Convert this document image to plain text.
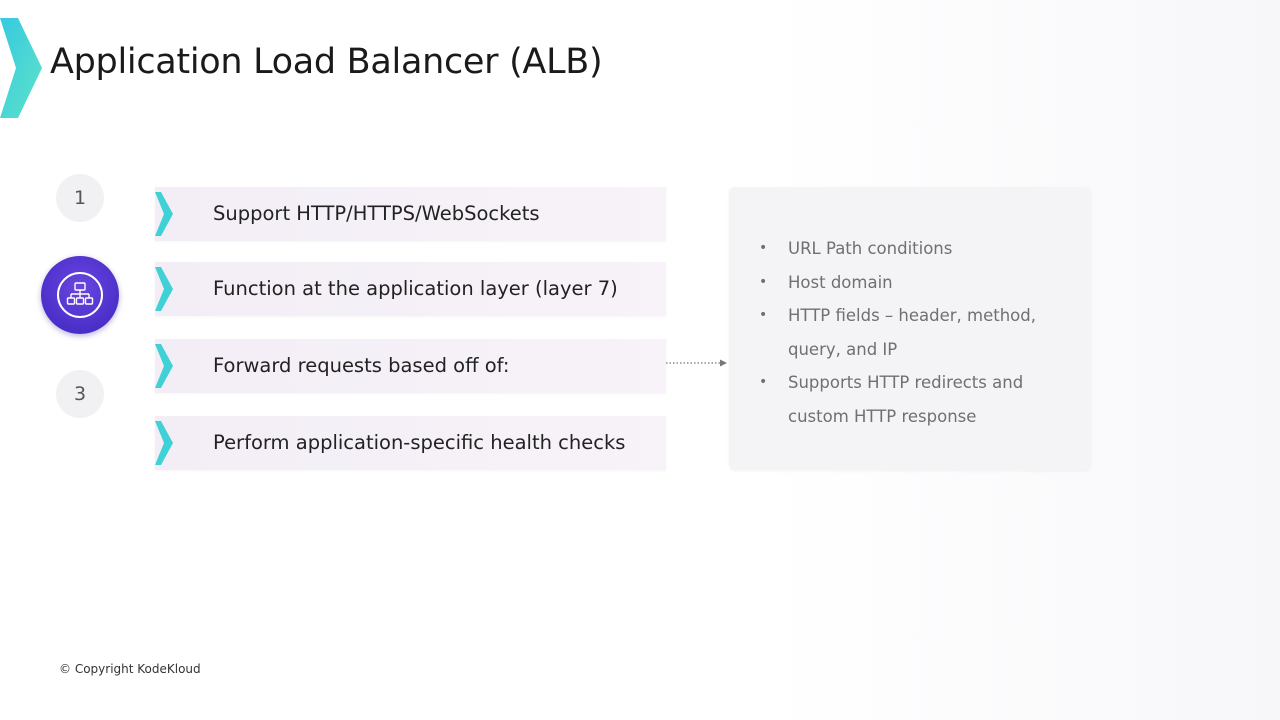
Application Load Balancer (ALB)
1
3
Support HTTP/HTTPS/WebSockets
Function at the application layer (layer 7)
Forward requests based off of:
Perform application-specific health checks
• URL Path conditions
• Host domain
• HTTP fields – header, method, query, and IP
• Supports HTTP redirects and custom HTTP response
© Copyright KodeKloud
